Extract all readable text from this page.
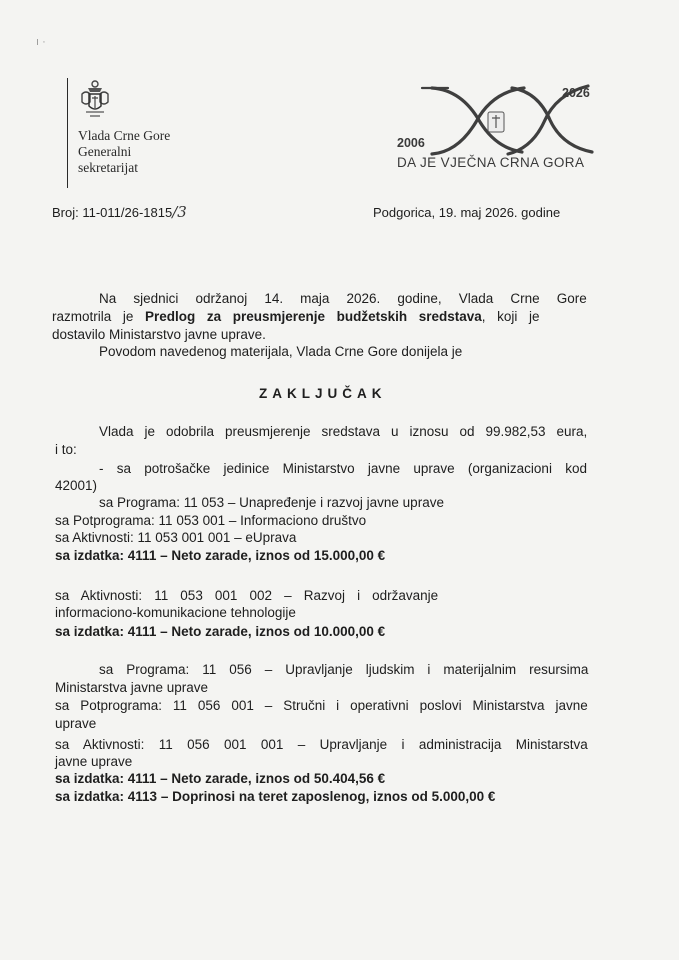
ı ·
Vlada Crne Gore
Generalni
sekretarijat
2026
2006
DA JE VJEČNA CRNA GORA
Broj: 11-011/26-1815/3	Podgorica, 19. maj 2026. godine
Na sjednici održanoj 14. maja 2026. godine, Vlada Crne Gore
razmotrila je Predlog za preusmjerenje budžetskih sredstava, koji je
dostavilo Ministarstvo javne uprave.
Povodom navedenog materijala, Vlada Crne Gore donijela je
ZAKLJUČAK
Vlada je odobrila preusmjerenje sredstava u iznosu od 99.982,53 eura,
i to:
- sa potrošačke jedinice Ministarstvo javne uprave (organizacioni kod
42001)
sa Programa: 11 053 – Unapređenje i razvoj javne uprave
sa Potprograma: 11 053 001 – Informaciono društvo
sa Aktivnosti: 11 053 001 001 – eUprava
sa izdatka: 4111 – Neto zarade, iznos od 15.000,00 €
sa Aktivnosti: 11 053 001 002 – Razvoj i održavanje
informaciono-komunikacione tehnologije
sa izdatka: 4111 – Neto zarade, iznos od 10.000,00 €
sa Programa: 11 056 – Upravljanje ljudskim i materijalnim resursima
Ministarstva javne uprave
sa Potprograma: 11 056 001 – Stručni i operativni poslovi Ministarstva javne
uprave
sa Aktivnosti: 11 056 001 001 – Upravljanje i administracija Ministarstva
javne uprave
sa izdatka: 4111 – Neto zarade, iznos od 50.404,56 €
sa izdatka: 4113 – Doprinosi na teret zaposlenog, iznos od 5.000,00 €
